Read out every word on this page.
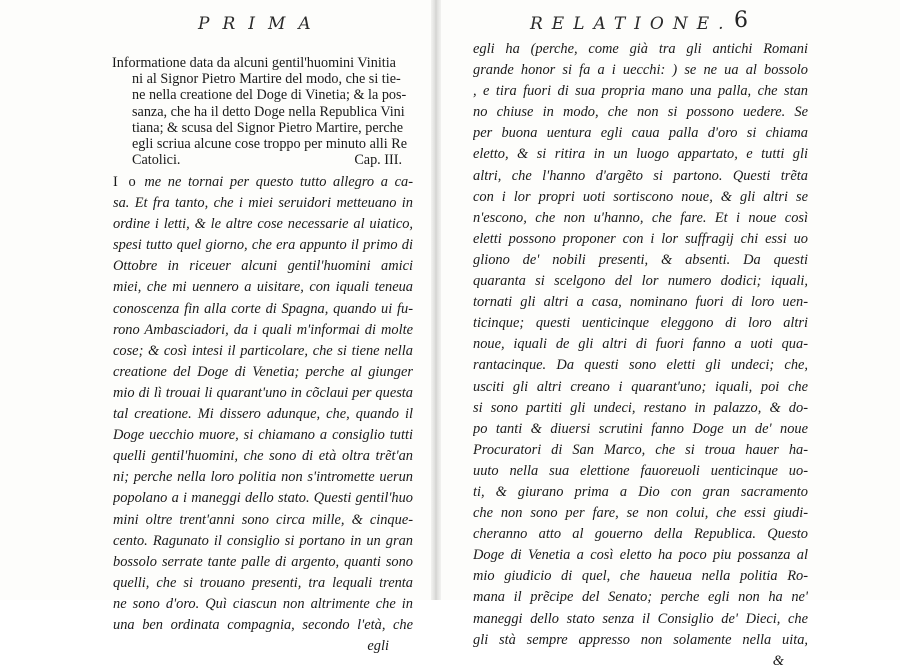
PRIMA
Informatione data da alcuni gentil'huomini Vinitia
ni al Signor Pietro Martire del modo, che si tie-
ne nella creatione del Doge di Vinetia; & la pos-
sanza, che ha il detto Doge nella Republica Vini
tiana; & scusa del Signor Pietro Martire, perche
egli scriua alcune cose troppo per minuto alli Re
Catolici.	Cap. III.
I o me ne tornai per questo tutto allegro a ca-
sa. Et fra tanto, che i miei seruidori metteuano in
ordine i letti, & le altre cose necessarie al uiatico,
spesi tutto quel giorno, che era appunto il primo di
Ottobre in riceuer alcuni gentil'huomini amici
miei, che mi uennero a uisitare, con iquali teneua
conoscenza fin alla corte di Spagna, quando ui fu-
rono Ambasciadori, da i quali m'informai di molte
cose; & così intesi il particolare, che si tiene nella
creatione del Doge di Venetia; perche al giunger
mio di lì trouai li quarant'uno in cõclaui per questa
tal creatione. Mi dissero adunque, che, quando il
Doge uecchio muore, si chiamano a consiglio tutti
quelli gentil'huomini, che sono di età oltra trẽt'an
ni; perche nella loro politia non s'intromette uerun
popolano a i maneggi dello stato. Questi gentil'huo
mini oltre trent'anni sono circa mille, & cinque-
cento. Ragunato il consiglio si portano in un gran
bossolo serrate tante palle di argento, quanti sono
quelli, che si trouano presenti, tra lequali trenta
ne sono d'oro. Quì ciascun non altrimente che in
una ben ordinata compagnia, secondo l'età, che
egli
RELATIONE. 6
egli ha (perche, come già tra gli antichi Romani
grande honor si fa a i uecchi: ) se ne ua al bossolo
, e tira fuori di sua propria mano una palla, che stan
no chiuse in modo, che non si possono uedere. Se
per buona uentura egli caua palla d'oro si chiama
eletto, & si ritira in un luogo appartato, e tutti gli
altri, che l'hanno d'argẽto si partono. Questi trẽta
con i lor propri uoti sortiscono noue, & gli altri se
n'escono, che non u'hanno, che fare. Et i noue così
eletti possono proponer con i lor suffragij chi essi uo
gliono de' nobili presenti, & absenti. Da questi
quaranta si scelgono del lor numero dodici; iquali,
tornati gli altri a casa, nominano fuori di loro uen-
ticinque; questi uenticinque eleggono di loro altri
noue, iquali de gli altri di fuori fanno a uoti qua-
rantacinque. Da questi sono eletti gli undeci; che,
usciti gli altri creano i quarant'uno; iquali, poi che
si sono partiti gli undeci, restano in palazzo, & do-
po tanti & diuersi scrutini fanno Doge un de' noue
Procuratori di San Marco, che si troua hauer ha-
uuto nella sua elettione fauoreuoli uenticinque uo-
ti, & giurano prima a Dio con gran sacramento
che non sono per fare, se non colui, che essi giudi-
cheranno atto al gouerno della Republica. Questo
Doge di Venetia a così eletto ha poco piu possanza al
mio giudicio di quel, che haueua nella politia Ro-
mana il prẽcipe del Senato; perche egli non ha ne'
maneggi dello stato senza il Consiglio de' Dieci, che
gli stà sempre appresso non solamente nella uita,
&
